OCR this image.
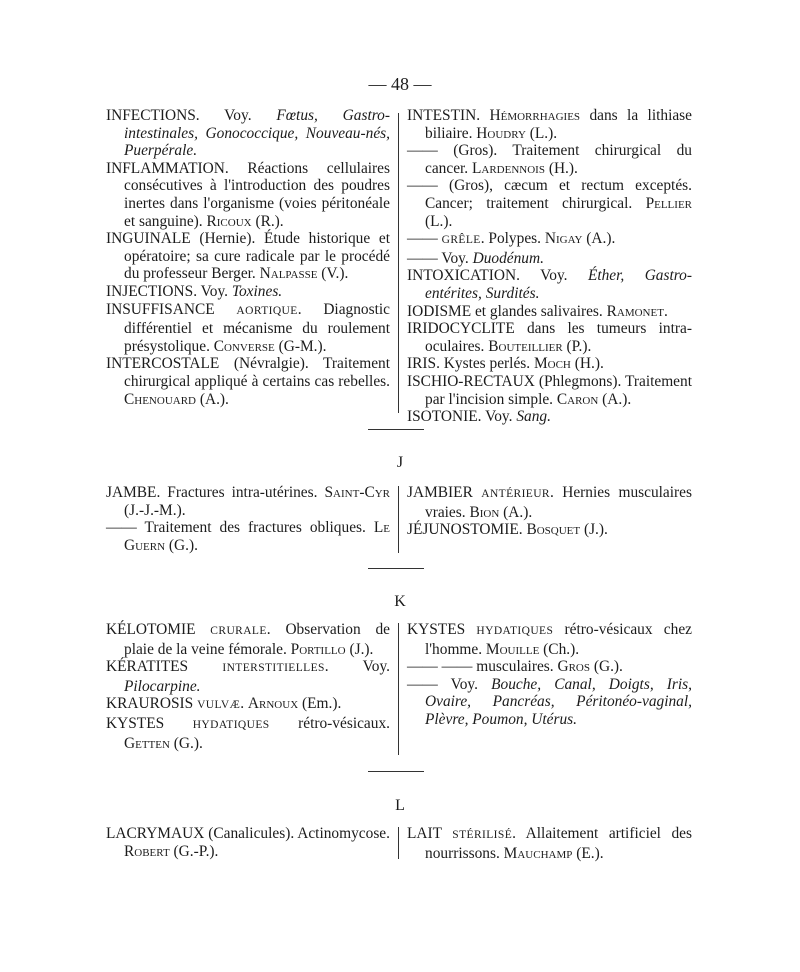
— 48 —

INFECTIONS. Voy. Fœtus, Gastro-intestinales, Gonococcique, Nouveau-nés, Puerpérale.

INFLAMMATION. Réactions cellulaires consécutives à l'introduction des poudres inertes dans l'organisme (voies péritonéale et sanguine). Ricoux (R.).

INGUINALE (Hernie). Étude historique et opératoire; sa cure radicale par le procédé du professeur Berger. Nalpasse (V.).

INJECTIONS. Voy. Toxines.

INSUFFISANCE AORTIQUE. Diagnostic différentiel et mécanisme du roulement présystolique. Converse (G-M.).

INTERCOSTALE (Névralgie). Traitement chirurgical appliqué à certains cas rebelles. Chenouard (A.).

INTESTIN. Hémorrhagies dans la lithiase biliaire. Houdry (L.).

—— (Gros). Traitement chirurgical du cancer. Lardennois (H.).

—— (Gros), cæcum et rectum exceptés. Cancer; traitement chirurgical. Pellier (L.).

—— GRÊLE. Polypes. Nigay (A.).

—— Voy. Duodénum.

INTOXICATION. Voy. Éther, Gastro-entérites, Surdités.

IODISME et glandes salivaires. Ramonet.

IRIDOCYCLITE dans les tumeurs intra-oculaires. Bouteillier (P.).

IRIS. Kystes perlés. Moch (H.).

ISCHIO-RECTAUX (Phlegmons). Traitement par l'incision simple. Caron (A.).

ISOTONIE. Voy. Sang.

J

JAMBE. Fractures intra-utérines. Saint-Cyr (J.-J.-M.).

—— Traitement des fractures obliques. Le Guern (G.).

JAMBIER ANTÉRIEUR. Hernies musculaires vraies. Bion (A.).

JÉJUNOSTOMIE. Bosquet (J.).

K

KÉLOTOMIE CRURALE. Observation de plaie de la veine fémorale. Portillo (J.).

KÉRATITES INTERSTITIELLES. Voy. Pilocarpine.

KRAUROSIS VULVÆ. Arnoux (Em.).

KYSTES HYDATIQUES rétro-vésicaux. Getten (G.).

KYSTES HYDATIQUES rétro-vésicaux chez l'homme. Mouille (Ch.).

—— —— musculaires. Gros (G.).

—— Voy. Bouche, Canal, Doigts, Iris, Ovaire, Pancréas, Péritonéo-vaginal, Plèvre, Poumon, Utérus.

L

LACRYMAUX (Canalicules). Actinomycose. Robert (G.-P.).

LAIT STÉRILISÉ. Allaitement artificiel des nourrissons. Mauchamp (E.).
